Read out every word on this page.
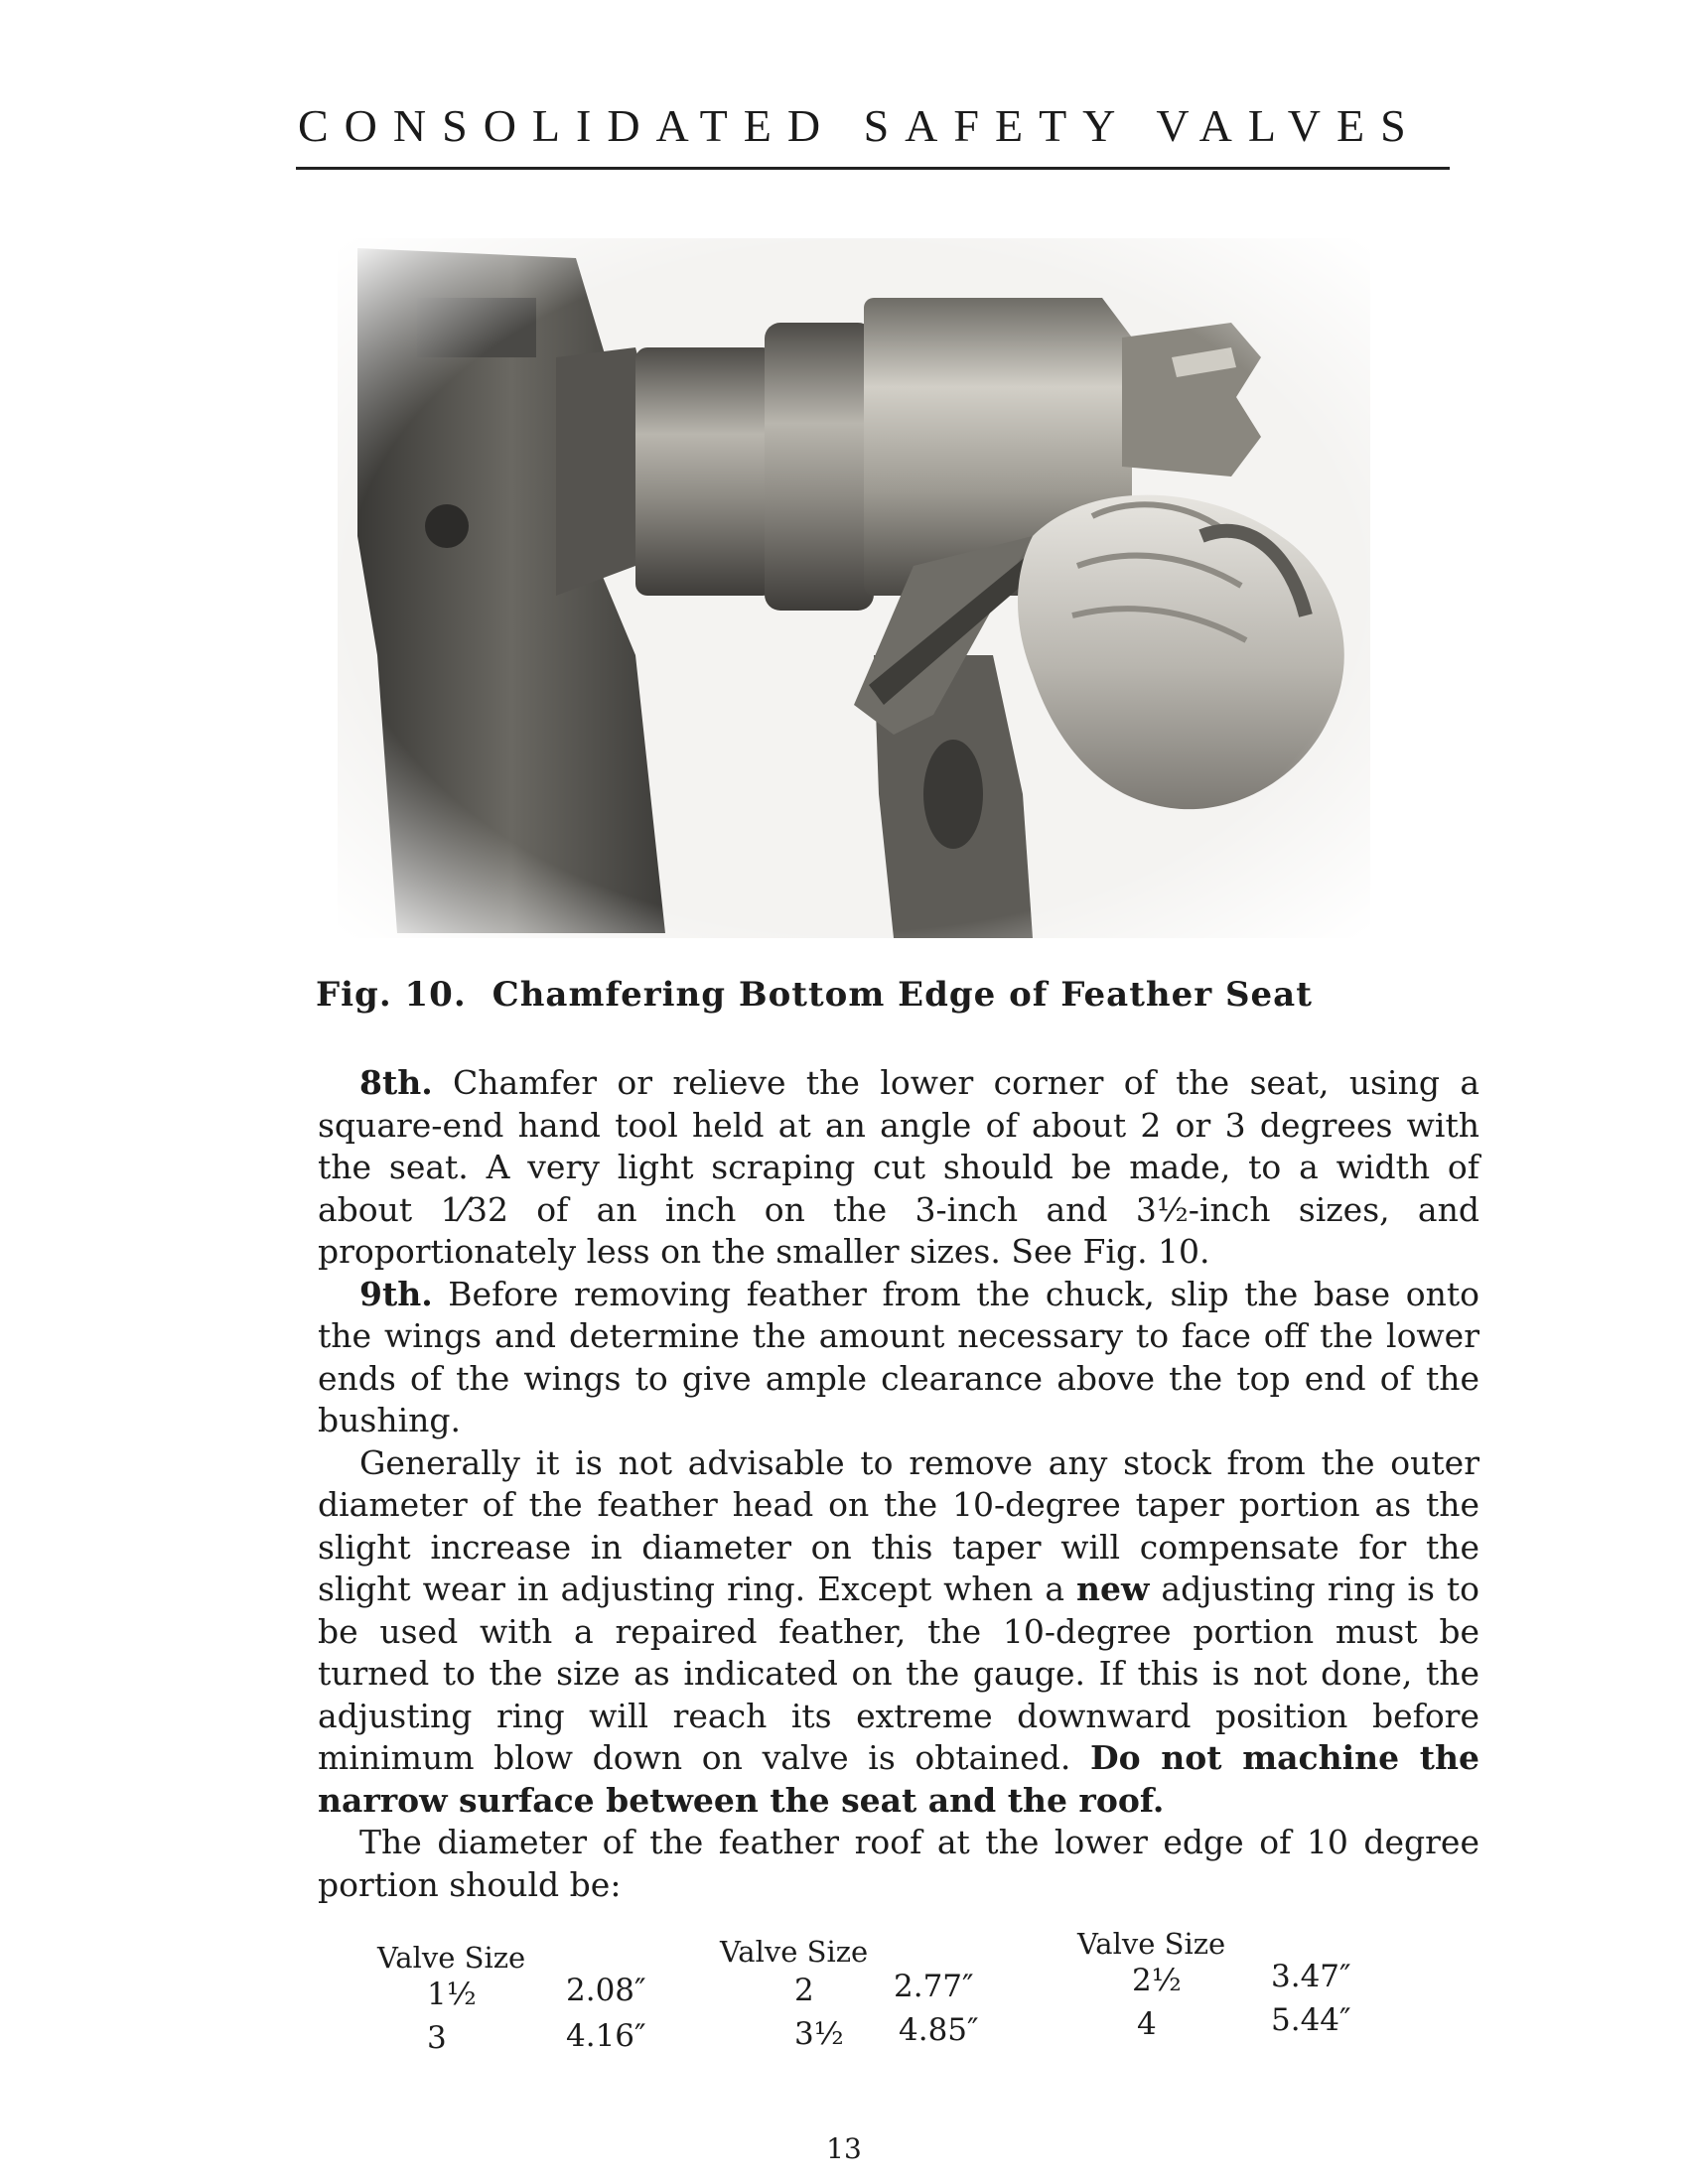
CONSOLIDATED SAFETY VALVES
Fig. 10. Chamfering Bottom Edge of Feather Seat

8th. Chamfer or relieve the lower corner of the seat, using a square-end hand tool held at an angle of about 2 or 3 degrees with the seat. A very light scraping cut should be made, to a width of about 1⁄32 of an inch on the 3-inch and 3½-inch sizes, and proportionately less on the smaller sizes. See Fig. 10.

9th. Before removing feather from the chuck, slip the base onto the wings and determine the amount necessary to face off the lower ends of the wings to give ample clearance above the top end of the bushing.

Generally it is not advisable to remove any stock from the outer diameter of the feather head on the 10-degree taper portion as the slight increase in diameter on this taper will compensate for the slight wear in adjusting ring. Except when a new adjusting ring is to be used with a repaired feather, the 10-degree portion must be turned to the size as indicated on the gauge. If this is not done, the adjusting ring will reach its extreme downward position before minimum blow down on valve is obtained. Do not machine the narrow surface between the seat and the roof.

The diameter of the feather roof at the lower edge of 10 degree portion should be:

Valve Size	Valve Size	Valve Size
1½	2.08″
3	4.16″
2	2.77″
3½ 4.85″
2½	3.47″
4	5.44″
13
